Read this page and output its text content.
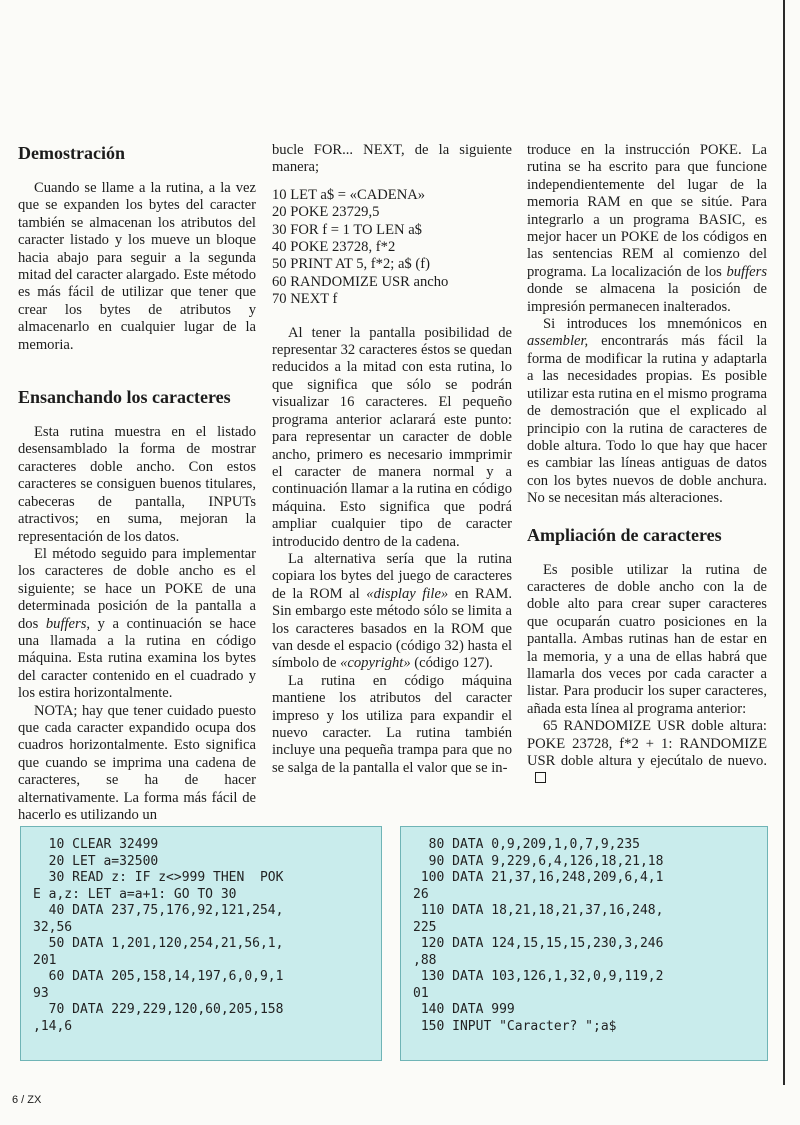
Demostración

Cuando se llame a la rutina, a la vez que se expanden los bytes del caracter también se almacenan los atributos del caracter listado y los mueve un bloque hacia abajo para seguir a la segunda mitad del caracter alargado. Este método es más fácil de utilizar que tener que crear los bytes de atributos y almacenarlo en cualquier lugar de la memoria.

Ensanchando los caracteres

Esta rutina muestra en el listado desensamblado la forma de mostrar caracteres doble ancho. Con estos caracteres se consiguen buenos titulares, cabeceras de pantalla, INPUTs atractivos; en suma, mejoran la representación de los datos.

El método seguido para implementar los caracteres de doble ancho es el siguiente; se hace un POKE de una determinada posición de la pantalla a dos buffers, y a continuación se hace una llamada a la rutina en código máquina. Esta rutina examina los bytes del caracter contenido en el cuadrado y los estira horizontalmente.

NOTA; hay que tener cuidado puesto que cada caracter expandido ocupa dos cuadros horizontalmente. Esto significa que cuando se imprima una cadena de caracteres, se ha de hacer alternativamente. La forma más fácil de hacerlo es utilizando un

bucle FOR... NEXT, de la siguiente manera;

10 LET a$ = «CADENA»
20 POKE 23729,5
30 FOR f = 1 TO LEN a$
40 POKE 23728, f*2
50 PRINT AT 5, f*2; a$ (f)
60 RANDOMIZE USR ancho
70 NEXT f

Al tener la pantalla posibilidad de representar 32 caracteres éstos se quedan reducidos a la mitad con esta rutina, lo que significa que sólo se podrán visualizar 16 caracteres. El pequeño programa anterior aclarará este punto: para representar un caracter de doble ancho, primero es necesario immprimir el caracter de manera normal y a continuación llamar a la rutina en código máquina. Esto significa que podrá ampliar cualquier tipo de caracter introducido dentro de la cadena.

La alternativa sería que la rutina copiara los bytes del juego de caracteres de la ROM al «display file» en RAM. Sin embargo este método sólo se limita a los caracteres basados en la ROM que van desde el espacio (código 32) hasta el símbolo de «copyright» (código 127).

La rutina en código máquina mantiene los atributos del caracter impreso y los utiliza para expandir el nuevo caracter. La rutina también incluye una pequeña trampa para que no se salga de la pantalla el valor que se in-

troduce en la instrucción POKE. La rutina se ha escrito para que funcione independientemente del lugar de la memoria RAM en que se sitúe. Para integrarlo a un programa BASIC, es mejor hacer un POKE de los códigos en las sentencias REM al comienzo del programa. La localización de los buffers donde se almacena la posición de impresión permanecen inalterados.

Si introduces los mnemónicos en assembler, encontrarás más fácil la forma de modificar la rutina y adaptarla a las necesidades propias. Es posible utilizar esta rutina en el mismo programa de demostración que el explicado al principio con la rutina de caracteres de doble altura. Todo lo que hay que hacer es cambiar las líneas antiguas de datos con los bytes nuevos de doble anchura. No se necesitan más alteraciones.

Ampliación de caracteres

Es posible utilizar la rutina de caracteres de doble ancho con la de doble alto para crear super caracteres que ocuparán cuatro posiciones en la pantalla. Ambas rutinas han de estar en la memoria, y a una de ellas habrá que llamarla dos veces por cada caracter a listar. Para producir los super caracteres, añada esta línea al programa anterior:

65 RANDOMIZE USR doble altura: POKE 23728, f*2 + 1: RANDOMIZE USR doble altura y ejecútalo de nuevo.

10 CLEAR 32499
20 LET a=32500
30 READ z: IF z<>999 THEN  POK
E a,z: LET a=a+1: GO TO 30
40 DATA 237,75,176,92,121,254,
32,56
50 DATA 1,201,120,254,21,56,1,
201
60 DATA 205,158,14,197,6,0,9,1
93
70 DATA 229,229,120,60,205,158
,14,6
80 DATA 0,9,209,1,0,7,9,235
90 DATA 9,229,6,4,126,18,21,18
100 DATA 21,37,16,248,209,6,4,1
26
110 DATA 18,21,18,21,37,16,248,
225
120 DATA 124,15,15,15,230,3,246
,88
130 DATA 103,126,1,32,0,9,119,2
01
140 DATA 999
150 INPUT "Caracter? ";a$
6 / ZX
